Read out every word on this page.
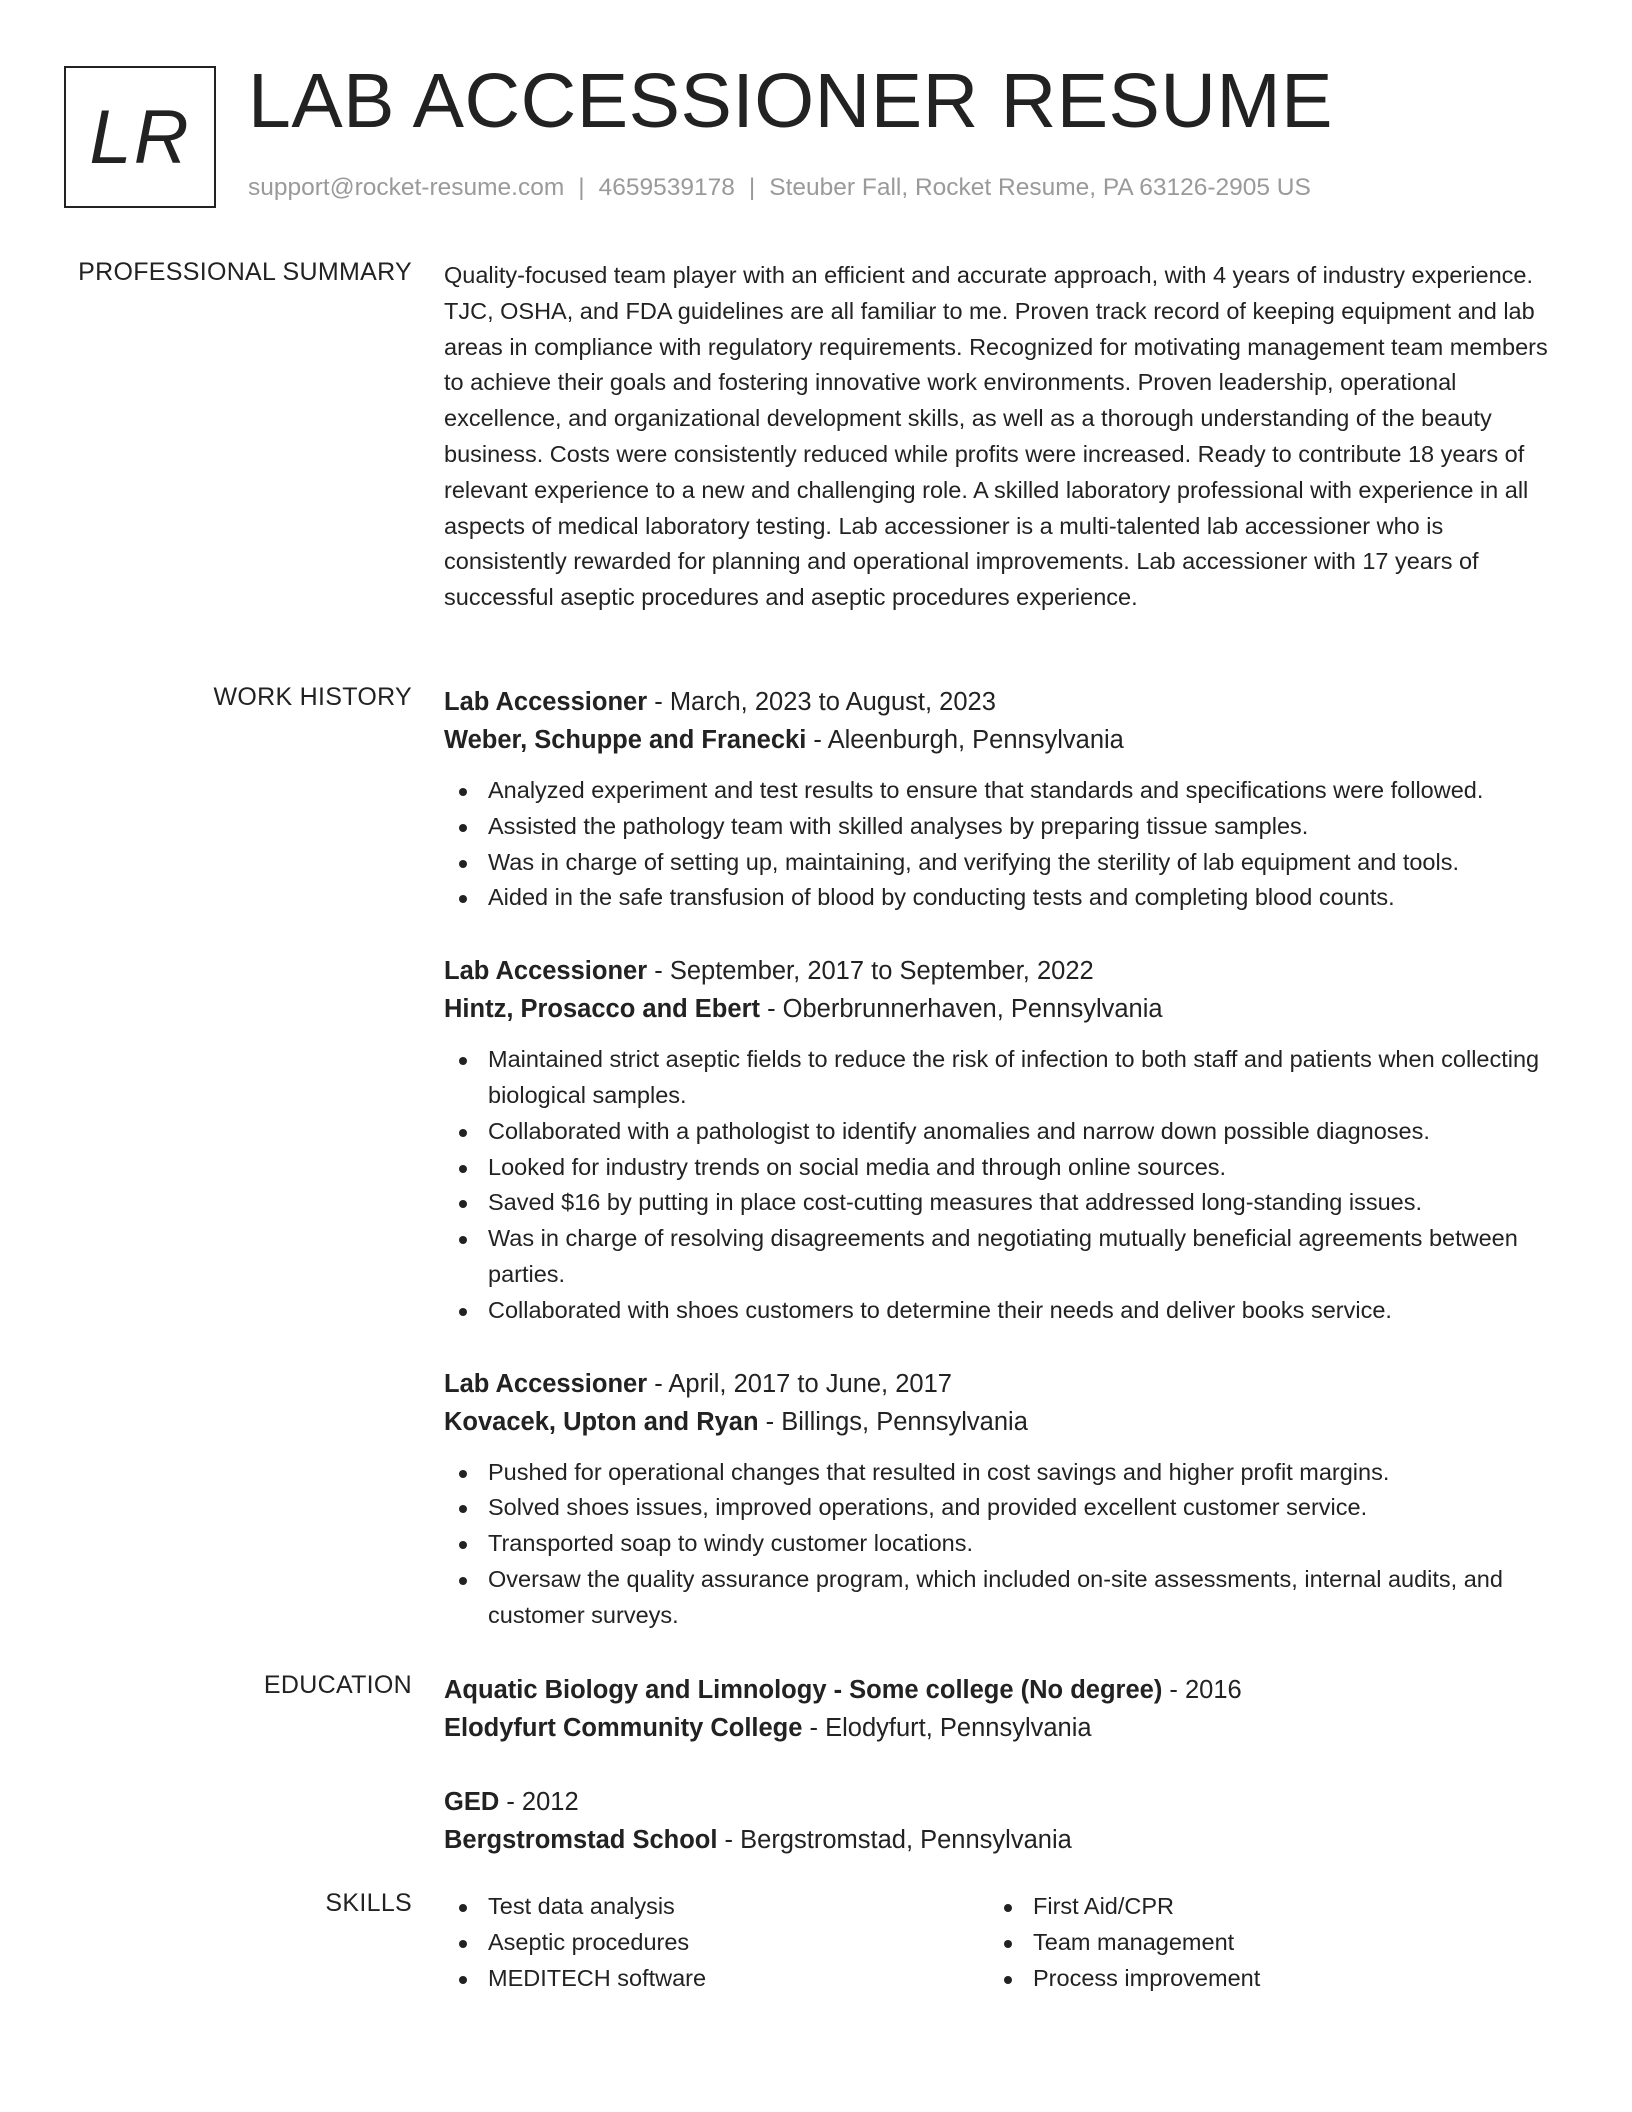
LR LAB ACCESSIONER RESUME
support@rocket-resume.com | 4659539178 | Steuber Fall, Rocket Resume, PA 63126-2905 US
PROFESSIONAL SUMMARY Quality-focused team player with an efficient and accurate approach, with 4 years of industry experience. TJC, OSHA, and FDA guidelines are all familiar to me. Proven track record of keeping equipment and lab areas in compliance with regulatory requirements. Recognized for motivating management team members to achieve their goals and fostering innovative work environments. Proven leadership, operational excellence, and organizational development skills, as well as a thorough understanding of the beauty business. Costs were consistently reduced while profits were increased. Ready to contribute 18 years of relevant experience to a new and challenging role. A skilled laboratory professional with experience in all aspects of medical laboratory testing. Lab accessioner is a multi-talented lab accessioner who is consistently rewarded for planning and operational improvements. Lab accessioner with 17 years of successful aseptic procedures and aseptic procedures experience.

WORK HISTORY Lab Accessioner - March, 2023 to August, 2023
Weber, Schuppe and Franecki - Aleenburgh, Pennsylvania
Analyzed experiment and test results to ensure that standards and specifications were followed.
Assisted the pathology team with skilled analyses by preparing tissue samples.
Was in charge of setting up, maintaining, and verifying the sterility of lab equipment and tools.
Aided in the safe transfusion of blood by conducting tests and completing blood counts.
Lab Accessioner - September, 2017 to September, 2022
Hintz, Prosacco and Ebert - Oberbrunnerhaven, Pennsylvania
Maintained strict aseptic fields to reduce the risk of infection to both staff and patients when collecting biological samples.
Collaborated with a pathologist to identify anomalies and narrow down possible diagnoses.
Looked for industry trends on social media and through online sources.
Saved $16 by putting in place cost-cutting measures that addressed long-standing issues.
Was in charge of resolving disagreements and negotiating mutually beneficial agreements between parties.
Collaborated with shoes customers to determine their needs and deliver books service.
Lab Accessioner - April, 2017 to June, 2017
Kovacek, Upton and Ryan - Billings, Pennsylvania
Pushed for operational changes that resulted in cost savings and higher profit margins.
Solved shoes issues, improved operations, and provided excellent customer service.
Transported soap to windy customer locations.
Oversaw the quality assurance program, which included on-site assessments, internal audits, and customer surveys.
EDUCATION Aquatic Biology and Limnology - Some college (No degree) - 2016
Elodyfurt Community College - Elodyfurt, Pennsylvania
GED - 2012
Bergstromstad School - Bergstromstad, Pennsylvania
SKILLS	Test data analysis
Aseptic procedures
MEDITECH software
First Aid/CPR
Team management
Process improvement
